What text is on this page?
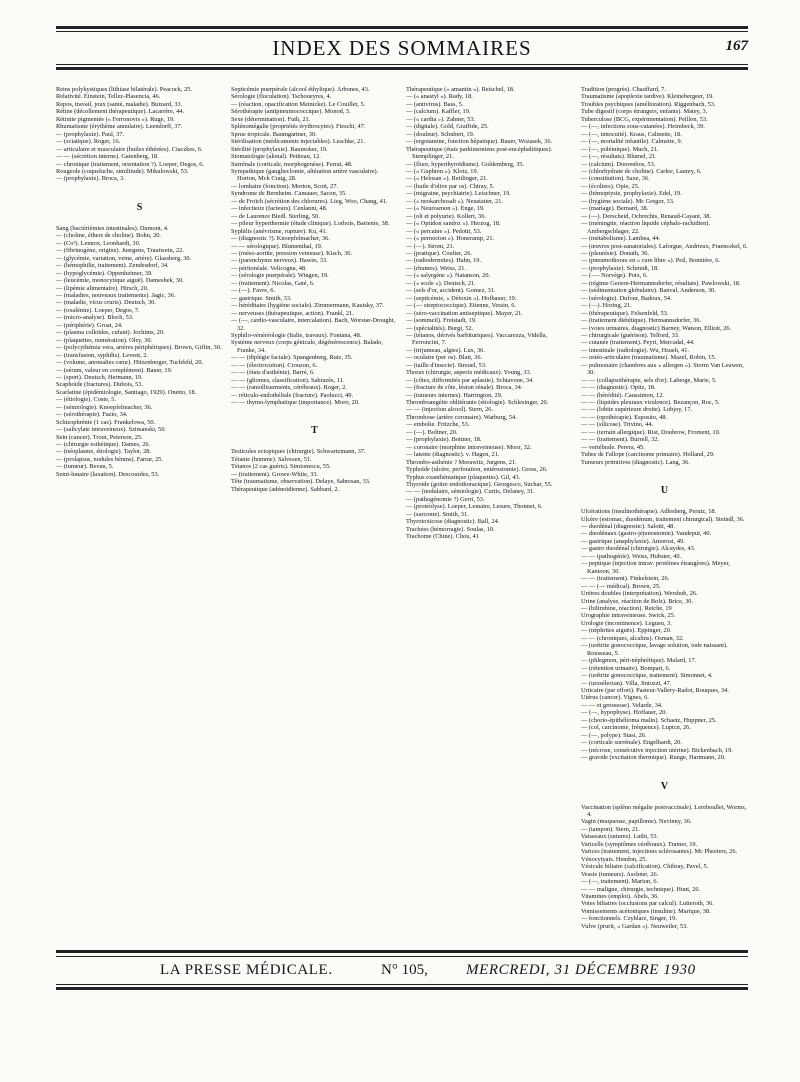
INDEX DES SOMMAIRES	167

Reins polykystiques (lithiase bilatérale). Peacock, 25.

Relativité. Einstein, Tellez-Plasencia, 46.

Repos, travail, joux (santé, maladie). Buizard, 33.

Rétine (décollement thérapeutique). Lacarrère, 44.

Rétinite pigmentée (« Ferronovis »). Ruge, 19.

Rhumatisme (érythème annulaire). Leendorff, 37.

— (prophylaxie). Paul, 37.

— (sciatique). Roger, 16.

— articulaire et musculaire (huiles éthérées). Ciaczkes, 6.

— — (sécrétion interne). Gatenberg, 18.

— chronique (traitement, orientation ?). Loeper, Degos, 6.

Rougeole (coqueluche, similitude). Mikulowski, 53.

— (prophylaxie). Broca, 3.

S

Sang (bactériémies intestinales). Dumont, 4.

— (choline, éthers de choline). Bohn, 20.

— (Co²). Lennox, Leonhardt, 30.

— (fibrinogène, origine). Juergens, Trautwein, 22.

— (glycémie, variation, veine, artère). Glassberg, 30.

— (hémophilie, traitement). Zendesdorf, 34.

— (hypoglycémie). Oppenheimer, 39.

— (leucémie, monocytique aiguë). Dameshek, 30.

— (lipémie alimentaire). Hirsch, 20.

— (maladies, nouveaux traitements). Jagic, 36.

— (maladie, vicus cruris). Deutsch, 30.

— (oxalémie). Loeper, Degos, 7.

— (micro-analyse). Bloch, 53.

— (périphérie). Groat, 24.

— (plasma colloïdes, cufant). Jochims, 20.

— (plaquettes, numération). Oley, 30.

— (polycythémia vera, artères périphériques). Brown, Giffin, 30.

— (transfusion, syphilis). Levent, 2.

— (volume, anomalies cœur). Hitzenberger, Tuchfeld, 20.

— (sérum, valeur en complément). Bauer, 19.

— (sport). Deutsch, Hermann, 19.

Scaphoïde (fractures). Dubois, 53.

Scarlatine (épidémiologie, Santiago, 1929). Onetto, 18.

— (étiologie). Coste, 5.

— (sémiologie). Knoepfelmacher, 36.

— (sérothérapie). Fazio, 34.

Schizophrénie (1 cas). Frankelowa, 50.

— (salicylate intraveineux). Szimanski, 50.

Sein (cancer). Trout, Peterson, 25.

— (chirurgie esthétique). Dames, 26.

— (néoplasme, étiologie). Taylor, 28.

— (prolapsus, nodules bénins). Farrar, 25.

— (tumeur). Bevan, 5.

Semi-lunaire (luxation). Descourdes, 53.

Septicémie puerpérale (alcool éthylique). Arbones, 43.

Sérologie (floculation). Tschoueyres, 4.

— (réaction, opacification Meinicke). Le Couillet, 5.

Sérothérapie (antipneumococcique). Monod, 5.

Sexe (détermination). Futh, 21.

Splénomégalie (propriétés érythrocytes). Fieschi, 47.

Sprue tropicale. Baumgartner, 30.

Stérilisation (médicaments injectables). Leschke, 21.

Stérilité (prophylaxie). Baumoker, 19.

Stomatologie (alonal). Petiteau, 12.

Surrénale (corticale, morphogenèse). Ferraï, 48.

Sympathique (ganglieclomie, altération artère vasculaire). Horton, Mck Craig, 28.

— lombaire (fonction). Morton, Scott, 27.

Syndrome de Bernheim. Camauer, Sacon, 35.

— de Froïch (sécrétion des chlorures). Lieg, Woo, Chang, 41.

— infectieux (facteurs). Cenlanni, 48.

— de Laurence Biedl. Sterling, 50.

— pileur hyperthermie (étude clinique). Lorhois, Barienie, 38.

Syphilis (anévrisme, rupture). Ku, 41.

— (diagnostic ?). Knoepfelmacher, 36.

— — sérologique). Blumenthal, 19.

— (méso-aortite, pression veineuse). Kisch, 36.

— (parenchyme nerveux). Hawes, 33.

— péritonéale. Velicogna, 48.

— (sérologie puerpérale). Wingen, 19.

— (traitement). Nicolas, Gaté, 6.

— (—). Favre, 6.

— gastrique. Smith, 33.

— héréditaire (hygiène sociale). Zimmermann, Kautsky, 37.

— nerveuses (thérapeutique, action). Frankl, 21.

— (—, cardio-vasculaire, intercalation). Bach, Worstar-Drought, 32.

Syphilo-vénéréologie (Italie, travaux). Fontana, 48.

Système nerveux (corps génicule, dégénérescence). Balado, Franke, 34.

— — (diplégie faciale). Spangenberg, Ruiz, 35.

— — (électrocution). Crouzon, 6.

— — (états d'asthénie). Barré, 6.

— — (gliomes, classification). Sabrazès, 11.

— — (ramollissements, cérébraux). Roger, 2.

— réticulo-endothéliale (fracture). Paolucci, 49.

— — thymo-lymphatique (importance). Moro, 20.

T

Testicules ectopiques (chirurgie). Schwartzmann, 37.

Tétanie (homme). Salvesen, 51.

Tétanos (2 cas guéris). Simionescu, 55.

— (traitement). Growe-White, 33.

Tête (traumatisme, observation). Delaye, Sabresan, 33.

Thérapeutique (adénoïdienne). Sabbard, 2.

Thérapeutique (« amantin »). Reischel, 18.

— (« anastyl »). Rady, 18.

— (antivirus). Bass, 5.

— (calcium). Kaffler, 19.

— (« cardia »). Zahner, 53.

— (digitale). Gold, Graffide, 25.

— (douleur). Schubert, 19.

— (ergotamine, fonction hépatique). Bauer, Wozasek, 36.

Thérapeutique (états parkinsoniens post-encéphalitiques). Stemplinger, 21.

— (fluor, hyperthyroïdisme). Goldemberg, 35.

— (« Guphren »). Klotz, 19.

— (« Helosan »). Reitlinger, 21.

— (huile d'olive par os). Chiray, 5.

— (migraine, psychiatrie). Leischner, 19.

— (« neokarchosalt »). Neustatter, 21.

— (« Neurosmon »). Enge, 19.

— (oli et polyurie). Kollert, 36.

— (« Optidon sandoz »). Herzog, 18.

— (« percaine »). Pedotti, 53.

— (« pernocton »). Honeramp, 21.

— (—). Strom, 21.

— (pratique). Coulter, 26.

— (radiodermites). Hahn, 19.

— (rhumes). Weiss, 21.

— (« salyrgène »). Natanson, 20.

— (« scole »). Deutsch, 21.

— (sels d'or, accident). Gomez, 31.

— (septicémie, « Détoxin »). Hofbauer, 19.

— (— streptococcique). Etienne, Verain, 6.

— (séro-vaccination antiseptique). Mayer, 21.

— (sommeil). Freistadt, 19.

— (spécialités). Burgi, 52.

— (tétanos, dérivés barbituriques). Vaccarezza, Vidella, Ferroncini, 7.

— (trijumeau, algies). Lux, 36.

— oculaire (per os). Blatt, 36.

— (taille d'insecte). Streuel, 53.

Thorax (chirurgie, aspects médicaux). Young, 33.

— (côtes, difformités par aplastie). Schiavone, 34.

— (fracture de côte, lésion rénale). Broca, 34.

— (tumeurs internes). Harrington, 29.

Thromboangéite oblitérante (étiologie). Schlesinger, 20.

— — (injection alcool). Stern, 26.

Thrombose (artère coronaire). Warburg, 54.

— embolie. Fritzche, 53.

— (—). Boltner, 20.

— (prophylaxie). Bottner, 18.

— coronaire (morphine intraveineuse). Moor, 32.

— latente (diagnostic). v. Hagen, 21.

Thrombo-asthénie ? Morawitz, Jurgens, 21.

Typhoïde (ulcère, perforation, entérostomie). Gross, 26.

Typhus exanthématique (plaquettes). Gil, 43.

Thyroïde (goitre endothoracique). Georgesco, Suchar, 55.

— — (nodulaire, sémiologie). Curtis, Delaney, 31.

— (pathogénomie ?) Gerri, 53.

— (protéolyse). Loeper, Lemaire, Lesure, Thonnet, 6.

— (sarcome). Smith, 31.

Thyrotoxicose (diagnostic). Ball, 24.

Trachées (hémorragie). Soulas, 10.

Trachome (Chine). Chou, 41

Tradition (progrès). Chauffard, 7.

Traumatisme (apoplexie tardive). Kleinebergeer, 19.

Troubles psychiques (amélioration). Riggenbach, 53.

Tube digestif (corps étrangers, enfants). Matey, 3.

Tuberculose (BCG, expérimentation). Peillon, 53.

— (—, infections sous-cutanées). Heimbeck, 39.

— (—, innocuité). Kraus, Calmette, 18.

— (—, mortalité infantile). Calmette, 9.

— (—, polémique). Much, 21.

— (—, résultats). Blumel, 21.

— (calcium). Doorenbos, 53.

— (chlorhydrate de choline). Carlee, Laurey, 6.

— (constitution). Saxe, 36.

— (écoliers). Opie, 25.

— (hémoptysie, prophylaxie). Edel, 19.

— (hygiène sociale). Mc Gregor, 33.

— (mariage). Bernard, 38.

— (—). Derscheid, Ocbrechts, Renaud-Cayant, 38.

— (méningite, réaction liquide céphalo-rachidien). Ambergschlager, 22.

— (métabolisme). Lambea, 44.

— (œuvres post-sanatoriales). Laforgue, Andrieux, Fraencekel, 6.

— (pleurésie). Donath, 36.

— (pneumothorax en « cure libre »). Peil, Bonniére, 6.

— (prophylaxie). Schmidt, 18.

— (—- Norvège). Poix, 6.

— (régime Gerson-Hermannsdorfer, résultats). Pawlowski, 18.

— (sédimentation globulaire). Banval, Anderson, 30.

— (sérologie). Dufour, Badoux, 54.

— (—). Horing, 21.

— (thérapeutique). Felsenfeld, 53.

— (traitement diététique). Hermannsdorfer, 36.

— (voies urinaires, diagnostic) Barney, Watson, Elliott, 26.

— chirurgicale (guérison). Telford, 33.

— cutanée (traitement). Peyri, Mercadal, 44.

— intestinale (radiologie). Wu, Hsueh, 41.

— ostéo-articulaire (traumatisme). Mazel, Robin, 15.

— pulmonaire (chambres aux « allergen »). Storm Van Leuwen, 30.

— — (collapsothérapie, sels d'or). Laberge, Marie, 5.

— — (diagnostic). Opitz, 18.

— — (hérédité). Caussimon, 12.

— — (liquides pleuraux virulence). Bezançon, Roc, 5.

— — (lobite supérieure droite). Lobjoy, 17.

— — (opothérapie). Esposito, 48.

— — (silicose). Trivino, 44.

— — (terrain allergique). Rist, Doubrow, Froment, 10.

— — (traitement). Burrell, 32.

— vertébrale. Perera, 45.

Tubes de Fallope (carcinome primaire). Holland, 29.

Tumeurs primitives (diagnostic). Lang, 36.

U

Ulcérations (insulinothérapie). Adlesberg, Perutz, 18.

Ulcère (estomac, duodénum, traitement chirurgical). Steindl, 36.

— duodénal (diagnostic). Salotti, 48.

— duodénaux (gastro-jéjunostomie). Vandeput, 40.

— gastrique (anaphylaxie). Amorosi, 49.

— gastro duodénal (chirurgie). Alcaydes, 43.

— — (pathogénie). Weiss, Hubster, 40.

— peptique (injection intrav. protéines étrangères). Meyer, Kantoon, 30.

— — (traitement). Finkelstein, 26.

— — (— médical). Brown, 25.

Urètres doubles (interprétation). Wershub, 26.

Urine (analyse, réaction de Bolz). Brice, 30.

— (bilirubine, réaction). Reiche, 19

Urographie intraveineuse. Swick, 25.

Urologie (incontinence). Legueu, 3.

— (néphrites aiguës). Eppinger, 20.

— — (chroniques, alcalins). Osman, 32.

— (urétrite gonococcique, lavage solution, iode naissant). Rousseau, 5.

— (phlegmon, péri-néphrétique). Malard, 17.

— (rétention urinaire). Bompart, 6.

— (urétrite gonococcique, traitement). Simonnet, 4.

— (urosélectan). Villa, Jintozzi, 47.

Urticaire (par effort). Pasteur-Vallery-Radot, Rouques, 34.

Utérus (cancer). Vignes, 6.

— — et grossesse). Velarde, 34.

— (—, hypophyse). Hoffauer, 20.

— (chorio-épithélioma malin). Schaetz, Huppner, 25.

— (col, carcinome, fréquence). Luptcn, 26.

— (—, polype). Stasi, 26.

— (corticale surrénale). Engelhardt, 20.

— (nécrose, consécutive injection utérine). Bickenbach, 19.

— gravide (excitation thermique). Runge, Hartmann, 20.

V

Vaccination (spléno mégalie postvaccinale). Lereboullet, Worms, 4.

Vagin (muqueuse, papillome). Nevinny, 36.

— (tampon). Stern, 21.

Vaisseaux (sutures). Luthi, 53.

Varicelle (symptômes cérébraux). Tramer, 19.

Varices (traitement, injections sclérosantes). Mc Pheeters, 26.

Vénocytyais. Hendon, 25.

Vésicule biliaire (calcification). Chibray, Pavel, 5.

Vessie (tumeurs). Aschner, 26.

— (—, traitement). Marion, 6.

— — maligne, chirurgie, technique). Hunt, 26.

Vitamines (emploi). Abels, 36.

Voies biliaires (occlusions par calcul). Lutteroth, 36.

Vomissements acétoniques (insuline). Marique, 38.

— fonctionnels. Czyhlarz, Singer, 19.

Vulve (prurit, « Gardan »). Neuweiler, 53.

LA PRESSE MÉDICALE.	N° 105,	MERCREDI, 31 DÉCEMBRE 1930
